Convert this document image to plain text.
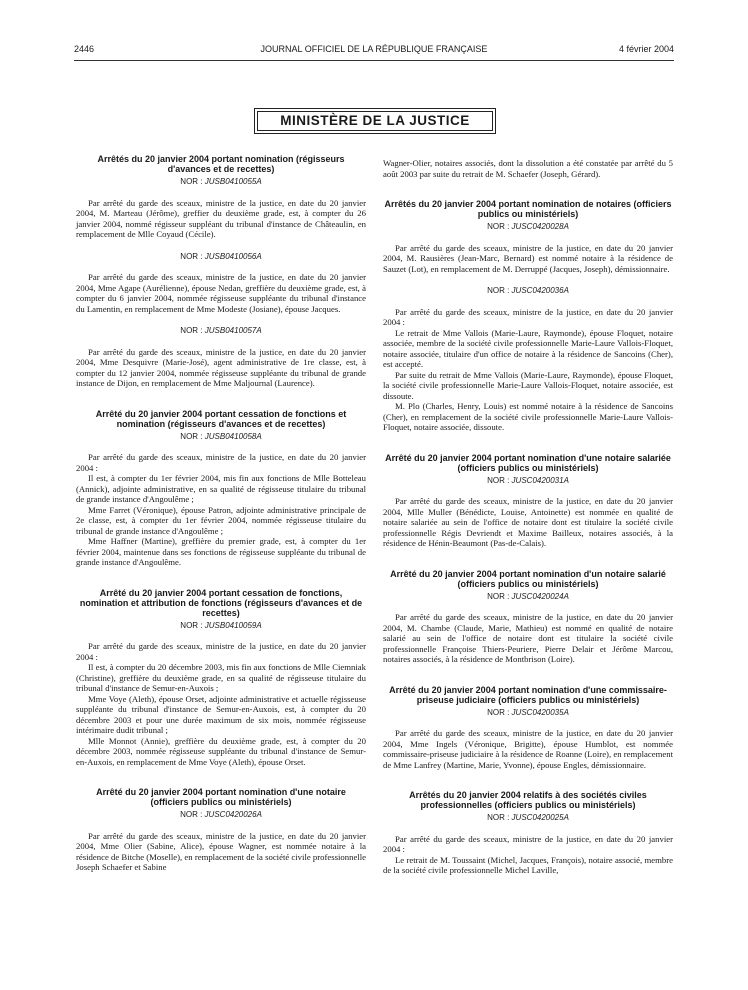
2446	JOURNAL OFFICIEL DE LA RÉPUBLIQUE FRANÇAISE	4 février 2004
MINISTÈRE DE LA JUSTICE
Arrêtés du 20 janvier 2004 portant nomination (régisseurs d'avances et de recettes)
NOR : JUSB0410055A

Par arrêté du garde des sceaux, ministre de la justice, en date du 20 janvier 2004, M. Marteau (Jérôme), greffier du deuxième grade, est, à compter du 26 janvier 2004, nommé régisseur suppléant du tribunal d'instance de Châteaulin, en remplacement de Mlle Coyaud (Cécile).

NOR : JUSB0410056A

Par arrêté du garde des sceaux, ministre de la justice, en date du 20 janvier 2004, Mme Agape (Aurélienne), épouse Nedan, greffière du deuxième grade, est, à compter du 6 janvier 2004, nommée régisseuse suppléante du tribunal d'instance du Lamentin, en remplacement de Mme Modeste (Josiane), épouse Jacques.

NOR : JUSB0410057A

Par arrêté du garde des sceaux, ministre de la justice, en date du 20 janvier 2004, Mme Desquivre (Marie-José), agent administrative de 1re classe, est, à compter du 12 janvier 2004, nommée régisseuse suppléante du tribunal de grande instance de Dijon, en remplacement de Mme Maljournal (Laurence).

Arrêté du 20 janvier 2004 portant cessation de fonctions et nomination (régisseurs d'avances et de recettes)
NOR : JUSB0410058A

Par arrêté du garde des sceaux, ministre de la justice, en date du 20 janvier 2004 :

Il est, à compter du 1er février 2004, mis fin aux fonctions de Mlle Botteleau (Annick), adjointe administrative, en sa qualité de régisseuse titulaire du tribunal de grande instance d'Angoulême ;

Mme Farret (Véronique), épouse Patron, adjointe administrative principale de 2e classe, est, à compter du 1er février 2004, nommée régisseuse titulaire du tribunal de grande instance d'Angoulême ;

Mme Haffner (Martine), greffière du premier grade, est, à compter du 1er février 2004, maintenue dans ses fonctions de régisseuse suppléante du tribunal de grande instance d'Angoulême.

Arrêté du 20 janvier 2004 portant cessation de fonctions, nomination et attribution de fonctions (régisseurs d'avances et de recettes)
NOR : JUSB0410059A

Par arrêté du garde des sceaux, ministre de la justice, en date du 20 janvier 2004 :

Il est, à compter du 20 décembre 2003, mis fin aux fonctions de Mlle Ciemniak (Christine), greffière du deuxième grade, en sa qualité de régisseuse titulaire du tribunal d'instance de Semur-en-Auxois ;

Mme Voye (Aleth), épouse Orset, adjointe administrative et actuelle régisseuse suppléante du tribunal d'instance de Semur-en-Auxois, est, à compter du 20 décembre 2003 et pour une durée maximum de six mois, nommée régisseuse intérimaire dudit tribunal ;

Mlle Monnot (Annie), greffière du deuxième grade, est, à compter du 20 décembre 2003, nommée régisseuse suppléante du tribunal d'instance de Semur-en-Auxois, en remplacement de Mme Voye (Aleth), épouse Orset.

Arrêté du 20 janvier 2004 portant nomination d'une notaire (officiers publics ou ministériels)
NOR : JUSC0420026A

Par arrêté du garde des sceaux, ministre de la justice, en date du 20 janvier 2004, Mme Olier (Sabine, Alice), épouse Wagner, est nommée notaire à la résidence de Bitche (Moselle), en remplacement de la société civile professionnelle Joseph Schaefer et Sabine

Wagner-Olier, notaires associés, dont la dissolution a été constatée par arrêté du 5 août 2003 par suite du retrait de M. Schaefer (Joseph, Gérard).

Arrêtés du 20 janvier 2004 portant nomination de notaires (officiers publics ou ministériels)
NOR : JUSC0420028A

Par arrêté du garde des sceaux, ministre de la justice, en date du 20 janvier 2004, M. Rausières (Jean-Marc, Bernard) est nommé notaire à la résidence de Sauzet (Lot), en remplacement de M. Derruppé (Jacques, Joseph), démissionnaire.

NOR : JUSC0420036A

Par arrêté du garde des sceaux, ministre de la justice, en date du 20 janvier 2004 :

Le retrait de Mme Vallois (Marie-Laure, Raymonde), épouse Floquet, notaire associée, membre de la société civile professionnelle Marie-Laure Vallois-Floquet, notaire associée, titulaire d'un office de notaire à la résidence de Sancoins (Cher), est accepté.

Par suite du retrait de Mme Vallois (Marie-Laure, Raymonde), épouse Floquet, la société civile professionnelle Marie-Laure Vallois-Floquet, notaire associée, est dissoute.

M. Plo (Charles, Henry, Louis) est nommé notaire à la résidence de Sancoins (Cher), en remplacement de la société civile professionnelle Marie-Laure Vallois-Floquet, notaire associée, dissoute.

Arrêté du 20 janvier 2004 portant nomination d'une notaire salariée (officiers publics ou ministériels)
NOR : JUSC0420031A

Par arrêté du garde des sceaux, ministre de la justice, en date du 20 janvier 2004, Mlle Muller (Bénédicte, Louise, Antoinette) est nommée en qualité de notaire salariée au sein de l'office de notaire dont est titulaire la société civile professionnelle Régis Devriendt et Maxime Bailleux, notaires associés, à la résidence de Hénin-Beaumont (Pas-de-Calais).

Arrêté du 20 janvier 2004 portant nomination d'un notaire salarié (officiers publics ou ministériels)
NOR : JUSC0420024A

Par arrêté du garde des sceaux, ministre de la justice, en date du 20 janvier 2004, M. Chambe (Claude, Marie, Mathieu) est nommé en qualité de notaire salarié au sein de l'office de notaire dont est titulaire la société civile professionnelle Françoise Thiers-Peuriere, Pierre Delair et Jérôme Marcou, notaires associés, à la résidence de Montbrison (Loire).

Arrêté du 20 janvier 2004 portant nomination d'une commissaire-priseuse judiciaire (officiers publics ou ministériels)
NOR : JUSC0420035A

Par arrêté du garde des sceaux, ministre de la justice, en date du 20 janvier 2004, Mme Ingels (Véronique, Brigitte), épouse Humblot, est nommée commissaire-priseuse judiciaire à la résidence de Roanne (Loire), en remplacement de Mme Lanfrey (Martine, Marie, Yvonne), épouse Engles, démissionnaire.

Arrêtés du 20 janvier 2004 relatifs à des sociétés civiles professionnelles (officiers publics ou ministériels)
NOR : JUSC0420025A

Par arrêté du garde des sceaux, ministre de la justice, en date du 20 janvier 2004 :

Le retrait de M. Toussaint (Michel, Jacques, François), notaire associé, membre de la société civile professionnelle Michel Laville,
